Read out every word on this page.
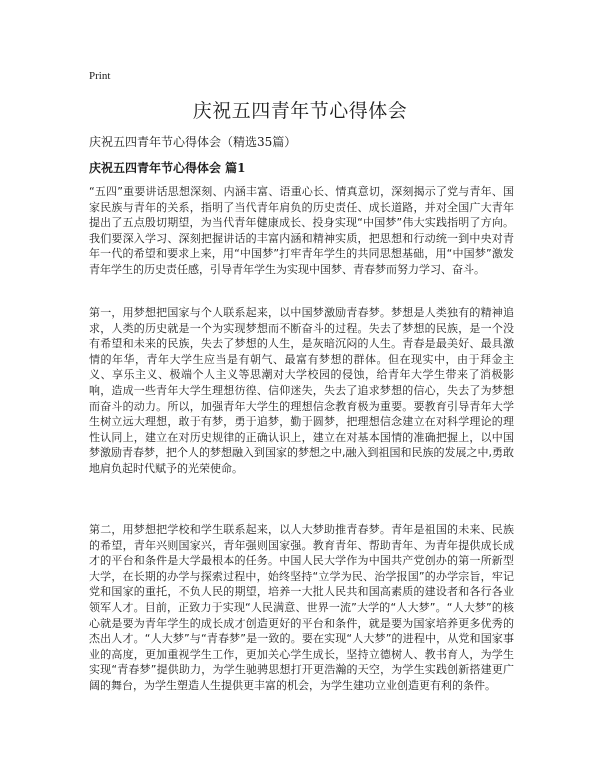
Print
庆祝五四青年节心得体会
庆祝五四青年节心得体会（精选35篇）
庆祝五四青年节心得体会 篇1

“五四”重要讲话思想深刻、内涵丰富、语重心长、情真意切，深刻揭示了党与青年、国家民族与青年的关系，指明了当代青年肩负的历史责任、成长道路，并对全国广大青年提出了五点殷切期望，为当代青年健康成长、投身实现“中国梦”伟大实践指明了方向。我们要深入学习、深刻把握讲话的丰富内涵和精神实质，把思想和行动统一到中央对青年一代的希望和要求上来，用“中国梦”打牢青年学生的共同思想基础，用“中国梦”激发青年学生的历史责任感，引导青年学生为实现中国梦、青春梦而努力学习、奋斗。

第一，用梦想把国家与个人联系起来，以中国梦激励青春梦。梦想是人类独有的精神追求，人类的历史就是一个为实现梦想而不断奋斗的过程。失去了梦想的民族，是一个没有希望和未来的民族，失去了梦想的人生，是灰暗沉闷的人生。青春是最美好、最具激情的年华，青年大学生应当是有朝气、最富有梦想的群体。但在现实中，由于拜金主义、享乐主义、极端个人主义等思潮对大学校园的侵蚀，给青年大学生带来了消极影响，造成一些青年大学生理想彷徨、信仰迷失，失去了追求梦想的信心，失去了为梦想而奋斗的动力。所以，加强青年大学生的理想信念教育极为重要。要教育引导青年大学生树立远大理想，敢于有梦，勇于追梦，勤于圆梦，把理想信念建立在对科学理论的理性认同上，建立在对历史规律的正确认识上，建立在对基本国情的准确把握上，以中国梦激励青春梦，把个人的梦想融入到国家的梦想之中,融入到祖国和民族的发展之中,勇敢地肩负起时代赋予的光荣使命。

第二，用梦想把学校和学生联系起来，以人大梦助推青春梦。青年是祖国的未来、民族的希望，青年兴则国家兴，青年强则国家强。教育青年、帮助青年、为青年提供成长成才的平台和条件是大学最根本的任务。中国人民大学作为中国共产党创办的第一所新型大学，在长期的办学与探索过程中，始终坚持“立学为民、治学报国”的办学宗旨，牢记党和国家的重托，不负人民的期望，培养一大批人民共和国高素质的建设者和各行各业领军人才。目前，正致力于实现“人民满意、世界一流”大学的“人大梦”。“人大梦”的核心就是要为青年学生的成长成才创造更好的平台和条件，就是要为国家培养更多优秀的杰出人才。“人大梦”与“青春梦”是一致的。要在实现“人大梦”的进程中，从党和国家事业的高度，更加重视学生工作，更加关心学生成长，坚持立德树人、教书育人，为学生实现“青春梦”提供助力，为学生驰骋思想打开更浩瀚的天空，为学生实践创新搭建更广阔的舞台，为学生塑造人生提供更丰富的机会，为学生建功立业创造更有利的条件。
